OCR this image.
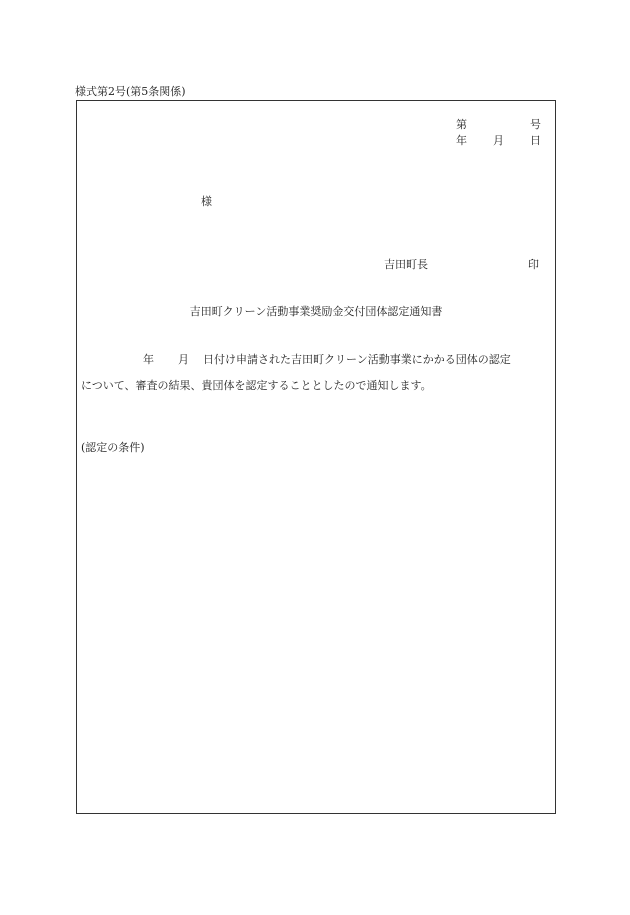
様式第2号(第5条関係)
第	号
年 月 日
様
吉田町長	印
吉田町クリーン活動事業奨励金交付団体認定通知書
年 月 日付け申請された吉田町クリーン活動事業にかかる団体の認定
について、審査の結果、貴団体を認定することとしたので通知します。
(認定の条件)
